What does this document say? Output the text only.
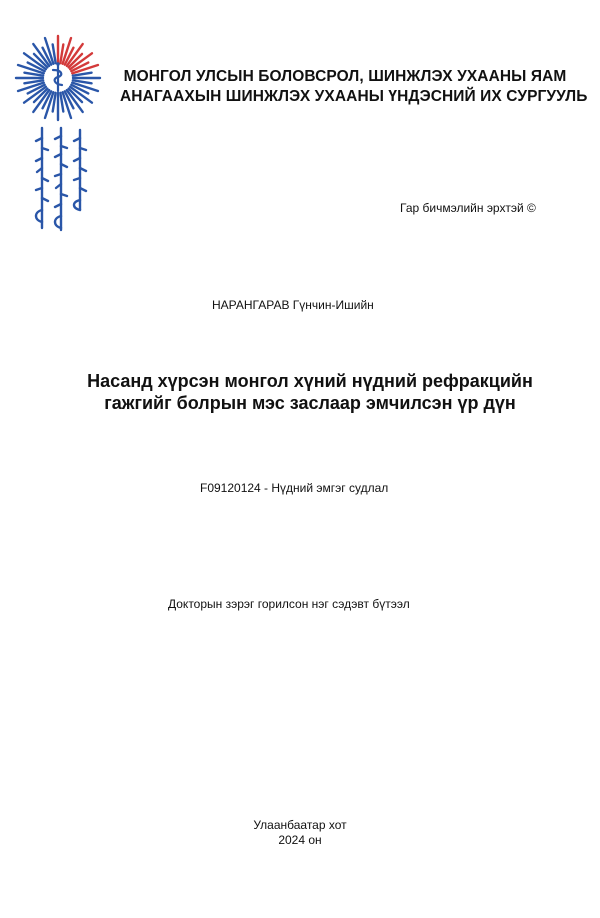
МОНГОЛ УЛСЫН БОЛОВСРОЛ, ШИНЖЛЭХ УХААНЫ ЯАМ
АНАГААХЫН ШИНЖЛЭХ УХААНЫ ҮНДЭСНИЙ ИХ СУРГУУЛЬ
Гар бичмэлийн эрхтэй ©
НАРАНГАРАВ Гүнчин-Ишийн
Насанд хүрсэн монгол хүний нүдний рефракцийн
гажгийг болрын мэс заслаар эмчилсэн үр дүн
F09120124 - Нүдний эмгэг судлал
Докторын зэрэг горилсон нэг сэдэвт бүтээл
Улаанбаатар хот
2024 он
